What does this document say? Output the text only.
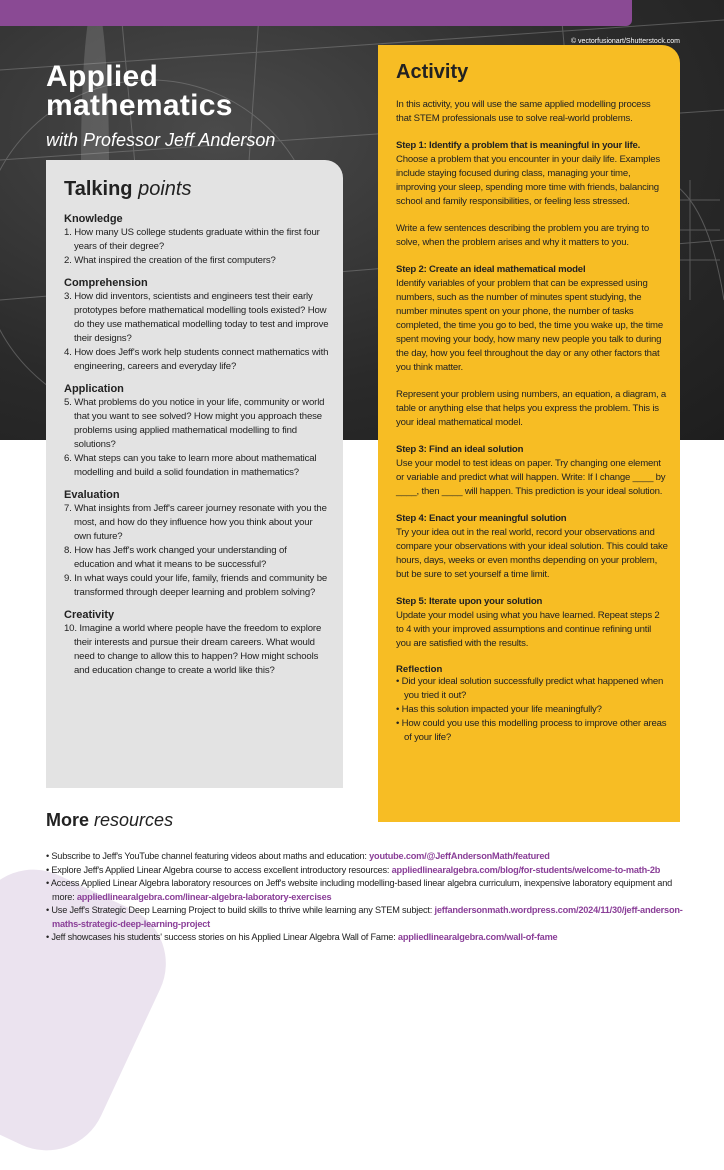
© vectorfusionart/Shutterstock.com
Applied
mathematics
with Professor Jeff Anderson
Talking points
Knowledge

1. How many US college students graduate within the first four years of their degree?

2. What inspired the creation of the first computers?

Comprehension

3. How did inventors, scientists and engineers test their early prototypes before mathematical modelling tools existed? How do they use mathematical modelling today to test and improve their designs?

4. How does Jeff's work help students connect mathematics with engineering, careers and everyday life?

Application

5. What problems do you notice in your life, community or world that you want to see solved? How might you approach these problems using applied mathematical modelling to find solutions?

6. What steps can you take to learn more about mathematical modelling and build a solid foundation in mathematics?

Evaluation

7. What insights from Jeff's career journey resonate with you the most, and how do they influence how you think about your own future?

8. How has Jeff's work changed your understanding of education and what it means to be successful?

9. In what ways could your life, family, friends and community be transformed through deeper learning and problem solving?

Creativity

10. Imagine a world where people have the freedom to explore their interests and pursue their dream careers. What would need to change to allow this to happen? How might schools and education change to create a world like this?

Activity

In this activity, you will use the same applied modelling process that STEM professionals use to solve real-world problems.

Step 1: Identify a problem that is meaningful in your life.
Choose a problem that you encounter in your daily life. Examples include staying focused during class, managing your time, improving your sleep, spending more time with friends, balancing school and family responsibilities, or feeling less stressed.

Write a few sentences describing the problem you are trying to solve, when the problem arises and why it matters to you.

Step 2: Create an ideal mathematical model
Identify variables of your problem that can be expressed using numbers, such as the number of minutes spent studying, the number minutes spent on your phone, the number of tasks completed, the time you go to bed, the time you wake up, the time spent moving your body, how many new people you talk to during the day, how you feel throughout the day or any other factors that you think matter.

Represent your problem using numbers, an equation, a diagram, a table or anything else that helps you express the problem. This is your ideal mathematical model.

Step 3: Find an ideal solution
Use your model to test ideas on paper. Try changing one element or variable and predict what will happen. Write: If I change ____ by ____, then ____ will happen. This prediction is your ideal solution.

Step 4: Enact your meaningful solution
Try your idea out in the real world, record your observations and compare your observations with your ideal solution. This could take hours, days, weeks or even months depending on your problem, but be sure to set yourself a time limit.

Step 5: Iterate upon your solution
Update your model using what you have learned. Repeat steps 2 to 4 with your improved assumptions and continue refining until you are satisfied with the results.

Reflection
• Did your ideal solution successfully predict what happened when you tried it out?
• Has this solution impacted your life meaningfully?
• How could you use this modelling process to improve other areas of your life?
More resources
• Subscribe to Jeff's YouTube channel featuring videos about maths and education: youtube.com/@JeffAndersonMath/featured
• Explore Jeff's Applied Linear Algebra course to access excellent introductory resources: appliedlinearalgebra.com/blog/for-students/welcome-to-math-2b
• Access Applied Linear Algebra laboratory resources on Jeff's website including modelling-based linear algebra curriculum, inexpensive laboratory equipment and more: appliedlinearalgebra.com/linear-algebra-laboratory-exercises
• Use Jeff's Strategic Deep Learning Project to build skills to thrive while learning any STEM subject: jeffandersonmath.wordpress.com/2024/11/30/jeff-anderson-maths-strategic-deep-learning-project
• Jeff showcases his students' success stories on his Applied Linear Algebra Wall of Fame: appliedlinearalgebra.com/wall-of-fame
